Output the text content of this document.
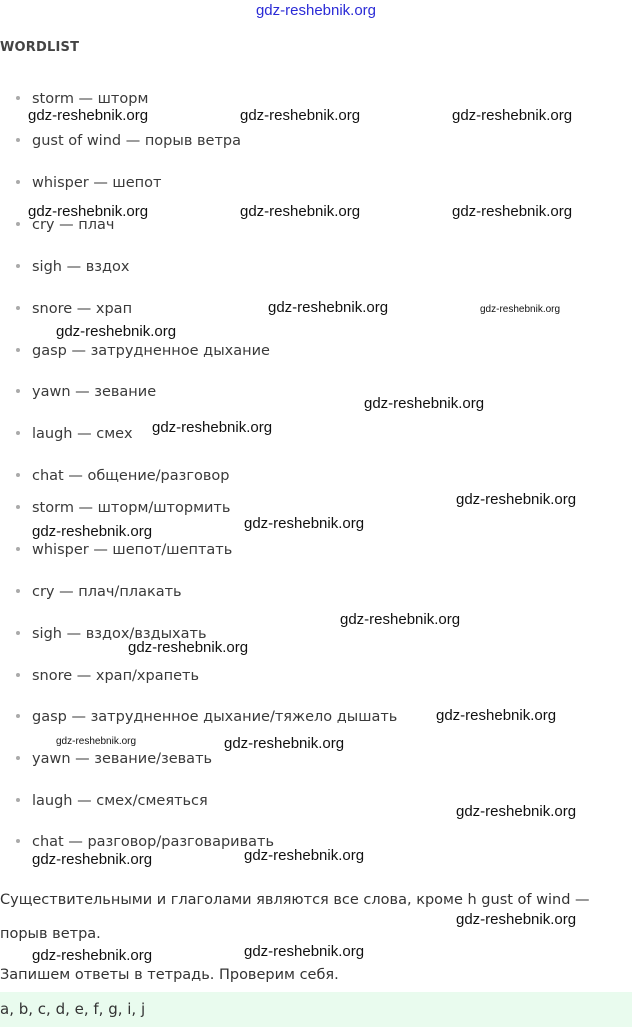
gdz-reshebnik.org
WORDLIST
storm — шторм
gust of wind — порыв ветра
whisper — шепот
cry — плач
sigh — вздох
snore — храп
gasp — затрудненное дыхание
yawn — зевание
laugh — смех
chat — общение/разговор
storm — шторм/штормить
whisper — шепот/шептать
cry — плач/плакать
sigh — вздох/вздыхать
snore — храп/храпеть
gasp — затрудненное дыхание/тяжело дышать
yawn — зевание/зевать
laugh — смех/смеяться
chat — разговор/разговаривать

Существительными и глаголами являются все слова, кроме h gust of wind —

порыв ветра.

Запишем ответы в тетрадь. Проверим себя.

a, b, c, d, e, f, g, i, j
gdz-reshebnik.org	gdz-reshebnik.org	gdz-reshebnik.org
gdz-reshebnik.org	gdz-reshebnik.org	gdz-reshebnik.org
gdz-reshebnik.org	gdz-reshebnik.org
gdz-reshebnik.org
gdz-reshebnik.org
gdz-reshebnik.org
gdz-reshebnik.org
gdz-reshebnik.org
gdz-reshebnik.org
gdz-reshebnik.org
gdz-reshebnik.org
gdz-reshebnik.org
gdz-reshebnik.org	gdz-reshebnik.org
gdz-reshebnik.org
gdz-reshebnik.org
gdz-reshebnik.org
gdz-reshebnik.org
gdz-reshebnik.org
gdz-reshebnik.org
